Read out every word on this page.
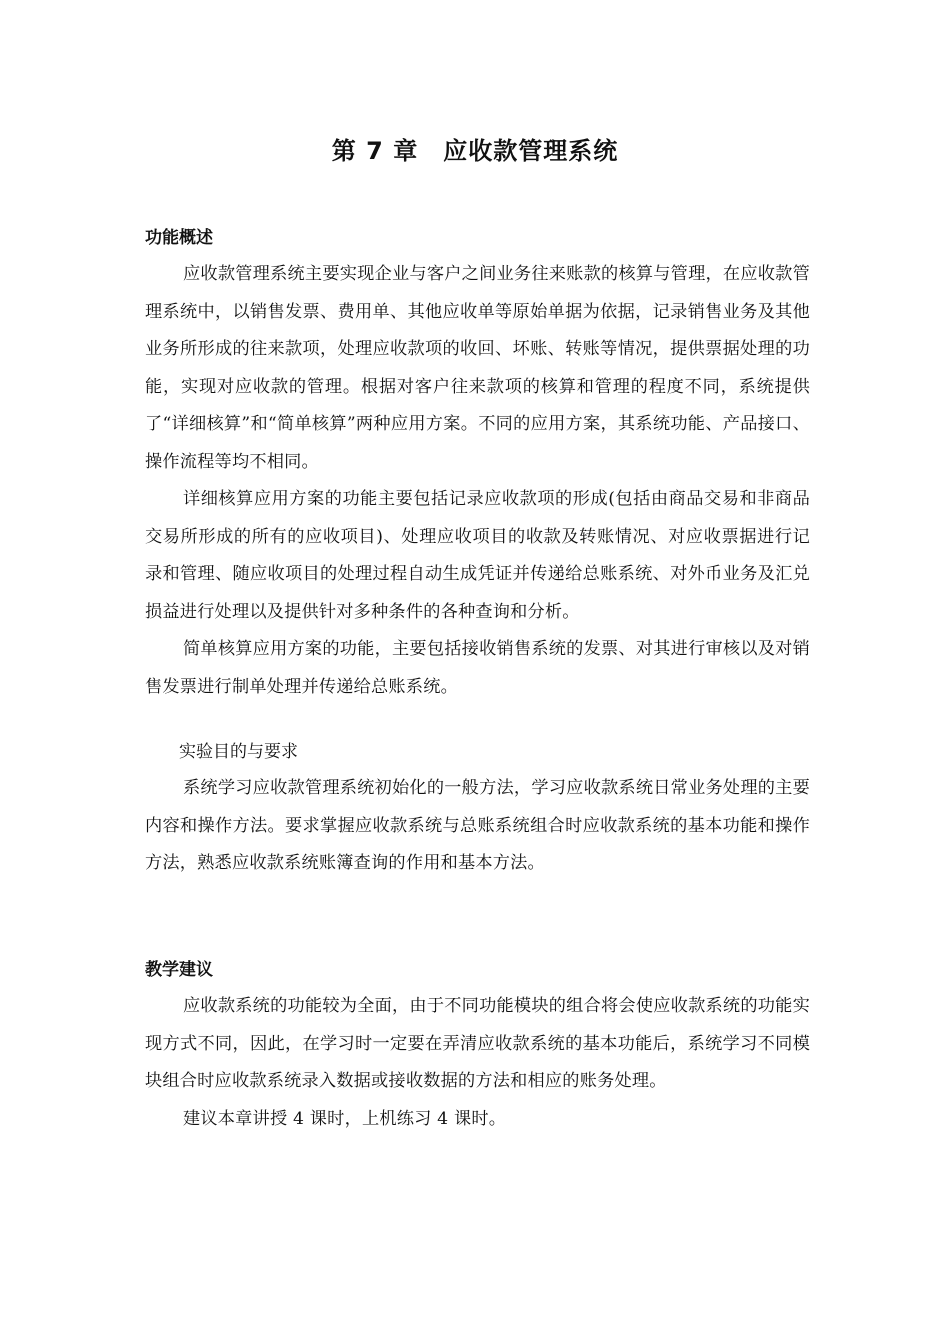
第 7 章　应收款管理系统
功能概述

应收款管理系统主要实现企业与客户之间业务往来账款的核算与管理，在应收款管理系统中，以销售发票、费用单、其他应收单等原始单据为依据，记录销售业务及其他业务所形成的往来款项，处理应收款项的收回、坏账、转账等情况，提供票据处理的功能，实现对应收款的管理。根据对客户往来款项的核算和管理的程度不同，系统提供了“详细核算”和“简单核算”两种应用方案。不同的应用方案，其系统功能、产品接口、操作流程等均不相同。

详细核算应用方案的功能主要包括记录应收款项的形成(包括由商品交易和非商品交易所形成的所有的应收项目)、处理应收项目的收款及转账情况、对应收票据进行记录和管理、随应收项目的处理过程自动生成凭证并传递给总账系统、对外币业务及汇兑损益进行处理以及提供针对多种条件的各种查询和分析。

简单核算应用方案的功能，主要包括接收销售系统的发票、对其进行审核以及对销售发票进行制单处理并传递给总账系统。

实验目的与要求

系统学习应收款管理系统初始化的一般方法，学习应收款系统日常业务处理的主要内容和操作方法。要求掌握应收款系统与总账系统组合时应收款系统的基本功能和操作方法，熟悉应收款系统账簿查询的作用和基本方法。

教学建议

应收款系统的功能较为全面，由于不同功能模块的组合将会使应收款系统的功能实现方式不同，因此，在学习时一定要在弄清应收款系统的基本功能后，系统学习不同模块组合时应收款系统录入数据或接收数据的方法和相应的账务处理。

建议本章讲授 4 课时，上机练习 4 课时。
